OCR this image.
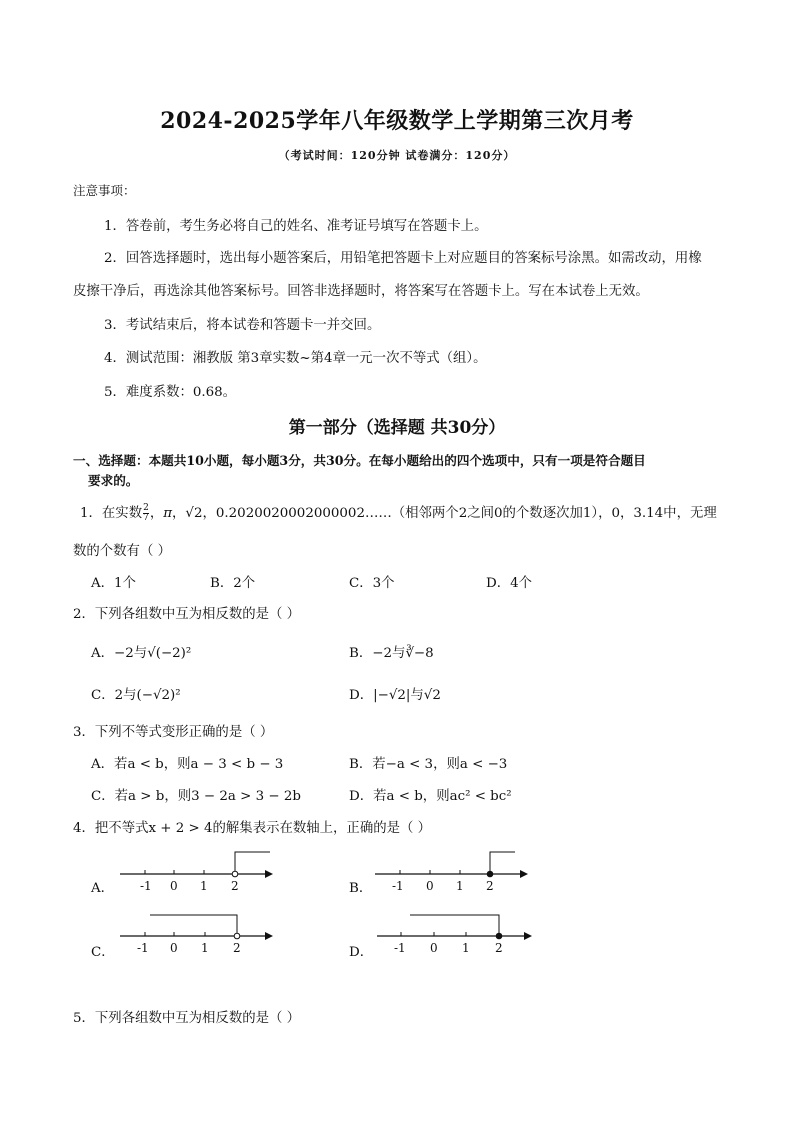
2024-2025学年八年级数学上学期第三次月考
（考试时间：120分钟 试卷满分：120分）
注意事项：
1．答卷前，考生务必将自己的姓名、准考证号填写在答题卡上。
2．回答选择题时，选出每小题答案后，用铅笔把答题卡上对应题目的答案标号涂黑。如需改动，用橡
皮擦干净后，再选涂其他答案标号。回答非选择题时，将答案写在答题卡上。写在本试卷上无效。
3．考试结束后，将本试卷和答题卡一并交回。
4．测试范围：湘教版 第3章实数~第4章一元一次不等式（组）。
5．难度系数：0.68。
第一部分（选择题 共30分）
一、选择题：本题共10小题，每小题3分，共30分。在每小题给出的四个选项中，只有一项是符合题目
要求的。
1．在实数 $\frac{2}{7}$ ，π，√2，0.2020020002000002……（相邻两个2之间0的个数逐次加1），0，3.14中，无理
数的个数有（ ）
A．1个	B．2个	C．3个	D．4个
2．下列各组数中互为相反数的是（ ）
A．−2与√(−2)²	B．−2与∛−8
C．2与(−√2)²	D．|−√2|与√2
3．下列不等式变形正确的是（ ）
A．若a < b，则a − 3 < b − 3	B．若−a < 3，则a < −3
C．若a > b，则3 − 2a > 3 − 2b	D．若a < b，则ac² < bc²
4．把不等式x + 2 > 4的解集表示在数轴上，正确的是（ ）
A． -1 0 1 2	B． -1 0 1 2
C． -1 0 1 2	D． -1 0 1 2
5．下列各组数中互为相反数的是（ ）
